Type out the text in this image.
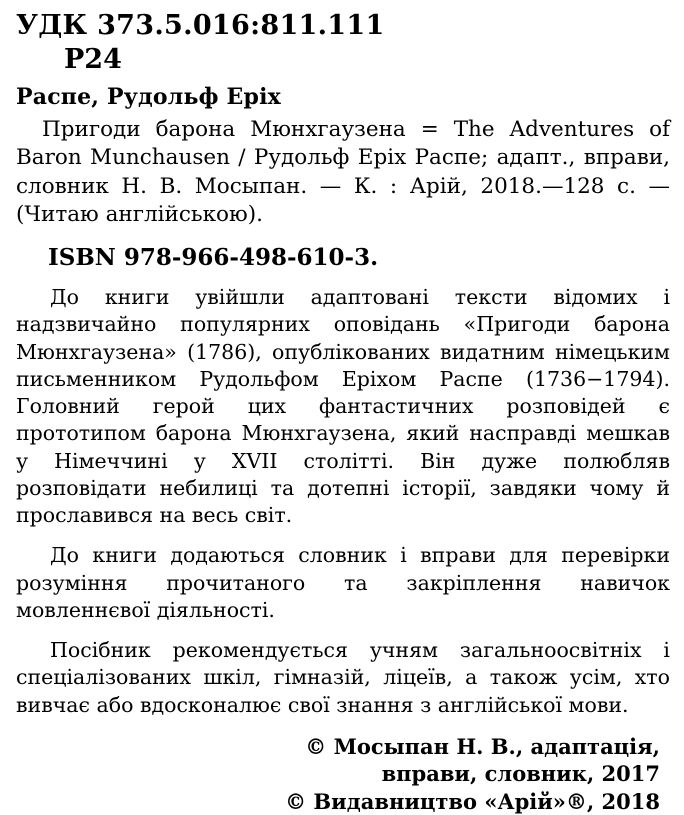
УДК 373.5.016:811.111
Р24
Распе, Рудольф Еріх
Пригоди барона Мюнхгаузена = The Adventures of Baron Munchausen / Рудольф Еріх Распе; адапт., вправи, словник Н. В. Мосыпан. — К. : Арій, 2018.—128 с. — (Читаю англійською).
ISBN 978-966-498-610-3.
До книги увійшли адаптовані тексти відомих і надзвичайно популярних оповідань «Пригоди барона Мюнхгаузена» (1786), опублікованих видатним німецьким письменником Рудольфом Еріхом Распе (1736−1794). Головний герой цих фантастичних розповідей є прототипом барона Мюнхгаузена, який насправді мешкав у Німеччині у XVII столітті. Він дуже полюбляв розповідати небилиці та дотепні історії, завдяки чому й прославився на весь світ.
До книги додаються словник і вправи для перевірки розуміння прочитаного та закріплення навичок мовленнєвої діяльності.
Посібник рекомендується учням загальноосвітніх і спеціалізованих шкіл, гімназій, ліцеїв, а також усім, хто вивчає або вдосконалює свої знання з англійської мови.
© Мосыпан Н. В., адаптація,
вправи, словник, 2017
© Видавництво «Арій»®, 2018
